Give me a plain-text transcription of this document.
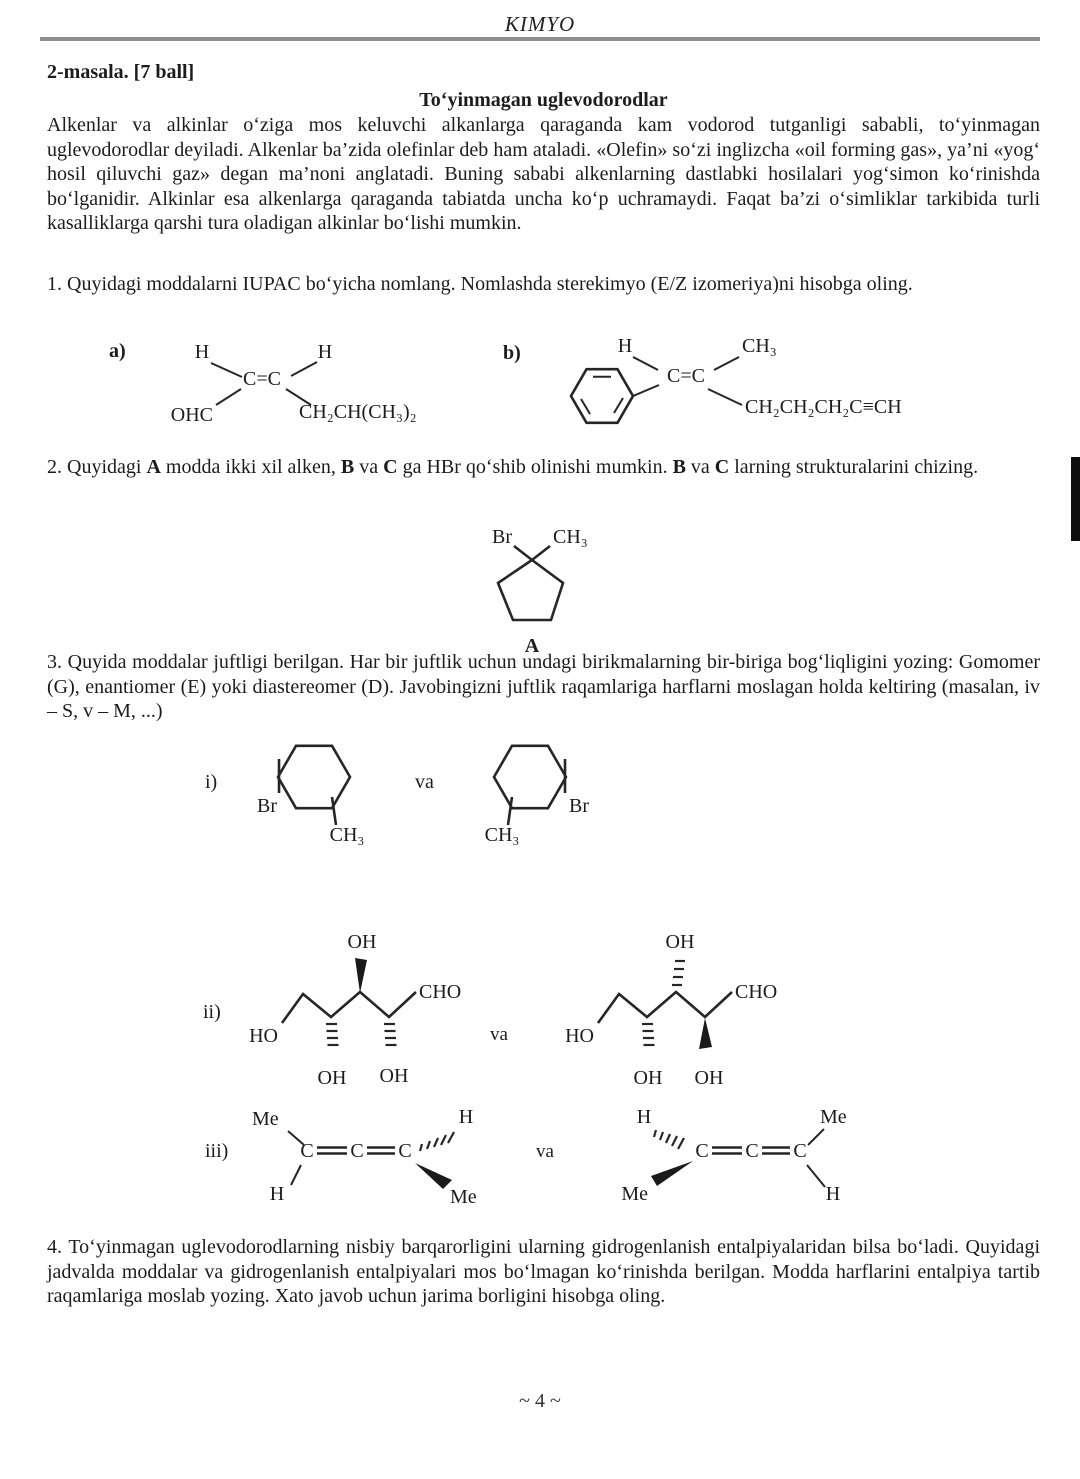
KIMYO
2-masala. [7 ball]
To‘yinmagan uglevodorodlar
Alkenlar va alkinlar o‘ziga mos keluvchi alkanlarga qaraganda kam vodorod tutganligi sababli, to‘yinmagan uglevodorodlar deyiladi. Alkenlar ba’zida olefinlar deb ham ataladi. «Olefin» so‘zi inglizcha «oil forming gas», ya’ni «yog‘ hosil qiluvchi gaz» degan ma’noni anglatadi. Buning sababi alkenlarning dastlabki hosilalari yog‘simon ko‘rinishda bo‘lganidir. Alkinlar esa alkenlarga qaraganda tabiatda uncha ko‘p uchramaydi. Faqat ba’zi o‘simliklar tarkibida turli kasalliklarga qarshi tura oladigan alkinlar bo‘lishi mumkin.
1. Quyidagi moddalarni IUPAC bo‘yicha nomlang. Nomlashda sterekimyo (E/Z izomeriya)ni hisobga oling.
a)	H
C=C
H
OHC	CH₂CH(CH₃)₂
b)	H
C=C
CH₃
CH₂CH₂CH₂C≡CH
2. Quyidagi A modda ikki xil alken, B va C ga HBr qo‘shib olinishi mumkin. B va C larning strukturalarini chizing.
Br CH₃
A
3. Quyida moddalar juftligi berilgan. Har bir juftlik uchun undagi birikmalarning bir-biriga bog‘liqligini yozing: Gomomer (G), enantiomer (E) yoki diastereomer (D). Javobingizni juftlik raqamlariga harflarni moslagan holda keltiring (masalan, iv – S, v – M, ...)
i)
Br
CH₃
va
Br
CH₃
ii)
HO
CHO
OH
OH OH
va	HO
CHO
OH
OH OH
iii)
Me
H
C C C
H
Me
va
H
Me
C C C
Me
H
4. To‘yinmagan uglevodorodlarning nisbiy barqarorligini ularning gidrogenlanish entalpiyalaridan bilsa bo‘ladi. Quyidagi jadvalda moddalar va gidrogenlanish entalpiyalari mos bo‘lmagan ko‘rinishda berilgan. Modda harflarini entalpiya tartib raqamlariga moslab yozing. Xato javob uchun jarima borligini hisobga oling.
~ 4 ~
